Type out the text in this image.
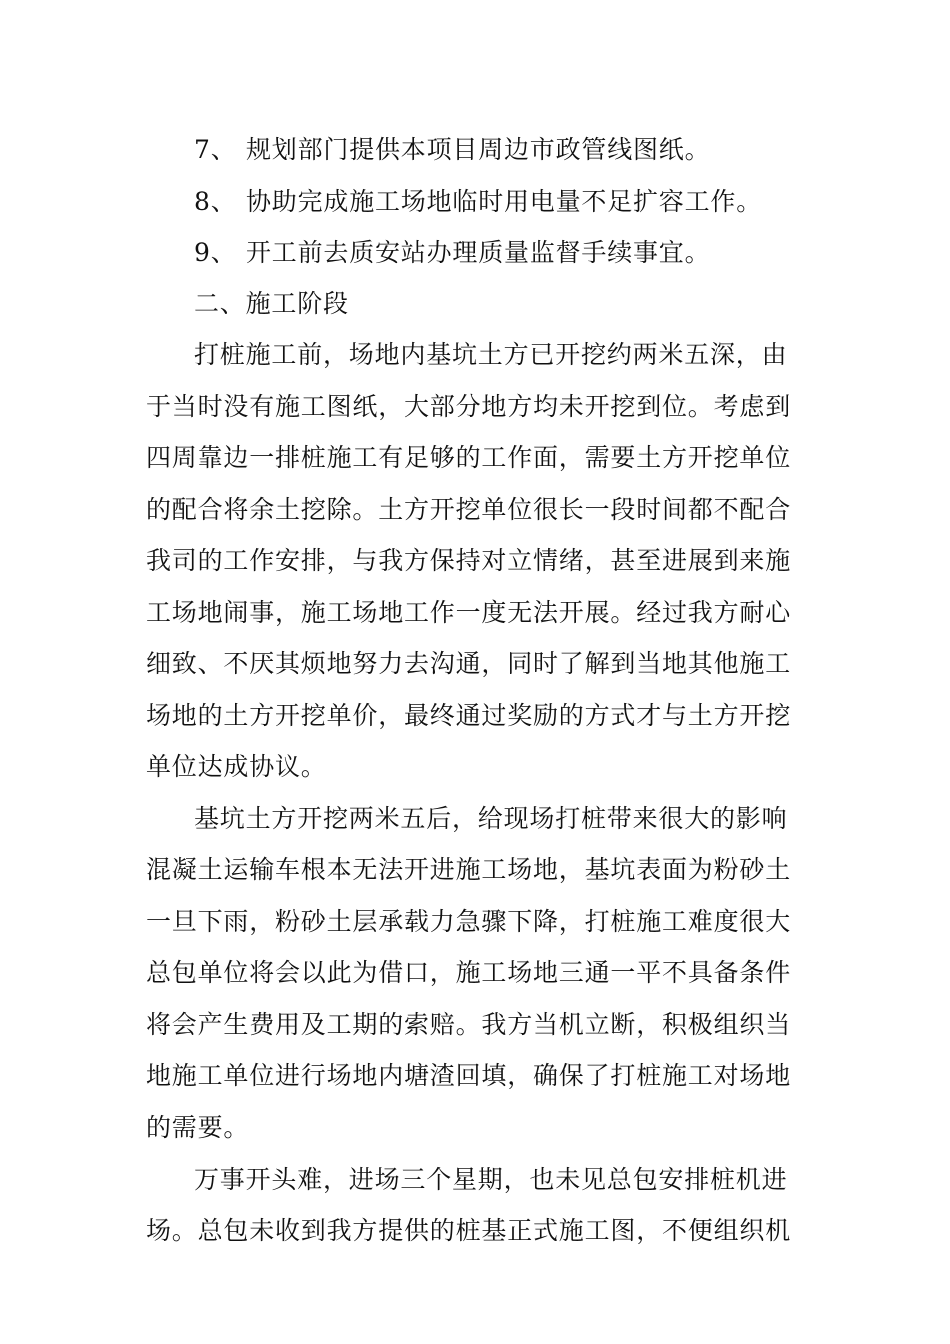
7、 规划部门提供本项目周边市政管线图纸。
8、 协助完成施工场地临时用电量不足扩容工作。
9、 开工前去质安站办理质量监督手续事宜。
二、施工阶段
打桩施工前，场地内基坑土方已开挖约两米五深，由
于当时没有施工图纸，大部分地方均未开挖到位。考虑到
四周靠边一排桩施工有足够的工作面，需要土方开挖单位
的配合将余土挖除。土方开挖单位很长一段时间都不配合
我司的工作安排，与我方保持对立情绪，甚至进展到来施
工场地闹事，施工场地工作一度无法开展。经过我方耐心
细致、不厌其烦地努力去沟通，同时了解到当地其他施工
场地的土方开挖单价，最终通过奖励的方式才与土方开挖
单位达成协议。
基坑土方开挖两米五后，给现场打桩带来很大的影响
混凝土运输车根本无法开进施工场地，基坑表面为粉砂土
一旦下雨，粉砂土层承载力急骤下降，打桩施工难度很大
总包单位将会以此为借口，施工场地三通一平不具备条件
将会产生费用及工期的索赔。我方当机立断，积极组织当
地施工单位进行场地内塘渣回填，确保了打桩施工对场地
的需要。
万事开头难，进场三个星期，也未见总包安排桩机进
场。总包未收到我方提供的桩基正式施工图，不便组织机
